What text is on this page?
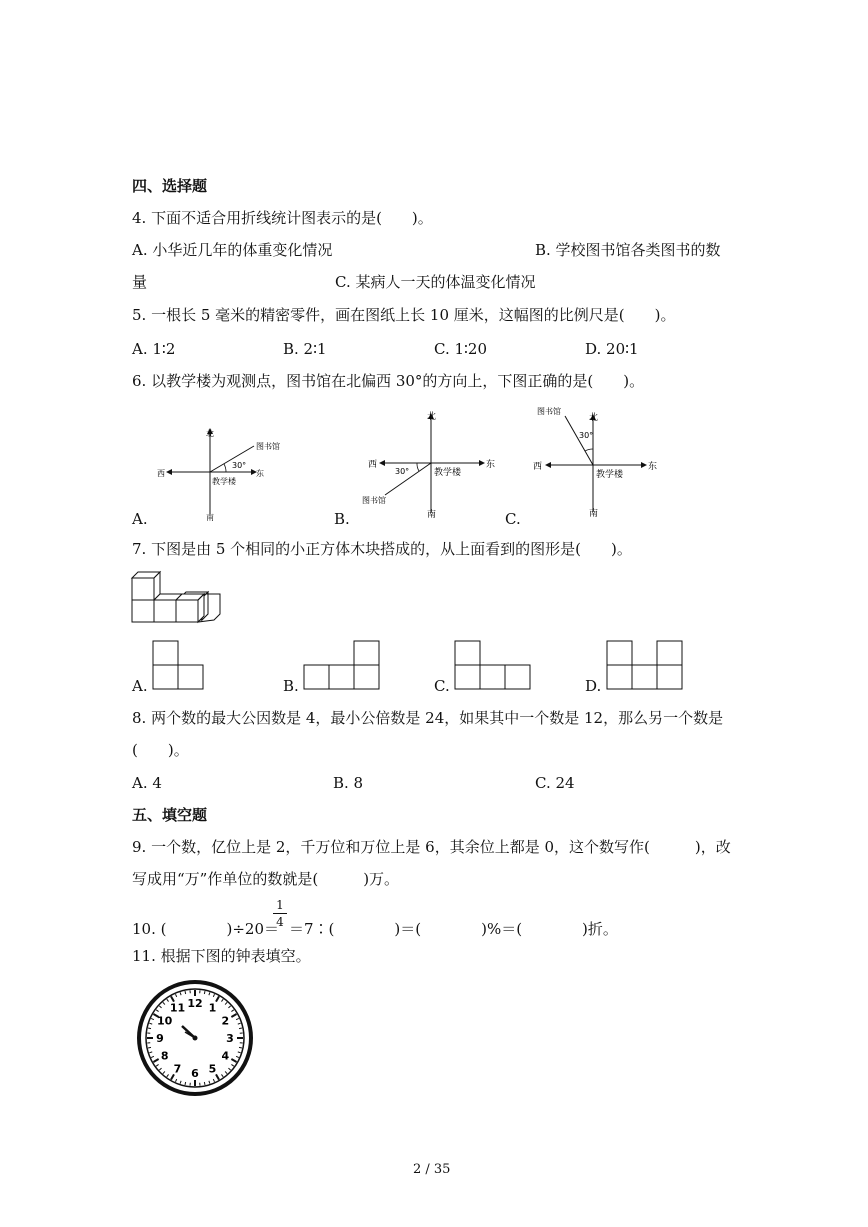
四、选择题
4. 下面不适合用折线统计图表示的是(　　)。
A. 小华近几年的体重变化情况	B. 学校图书馆各类图书的数
量	C. 某病人一天的体温变化情况
5. 一根长 5 毫米的精密零件，画在图纸上长 10 厘米，这幅图的比例尺是(　　)。
A. 1∶2	B. 2∶1	C. 1∶20	D. 20∶1
6. 以教学楼为观测点，图书馆在北偏西 30°的方向上，下图正确的是(　　)。
北
南
西	东
30°
教学楼
图书馆
A.
北
南
西	东
30°	教学楼
图书馆
B.
北
南
西	东
30°
教学楼
图书馆
C.
7. 下图是由 5 个相同的小正方体木块搭成的，从上面看到的图形是(　　)。
A.	B.	C.	D.
8. 两个数的最大公因数是 4，最小公倍数是 24，如果其中一个数是 12，那么另一个数是
(　　)。
A. 4	B. 8	C. 24
五、填空题
9. 一个数，亿位上是 2，千万位和万位上是 6，其余位上都是 0，这个数写作(　　　)，改
写成用“万”作单位的数就是(　　　)万。
10. (　　　　)÷20＝
1
4 ＝7∶(　　　　)＝(　　　　)%＝(　　　　)折。
11. 根据下图的钟表填空。
12 1
2
3
4
5
6
7
8
9
10
11
2 / 35
